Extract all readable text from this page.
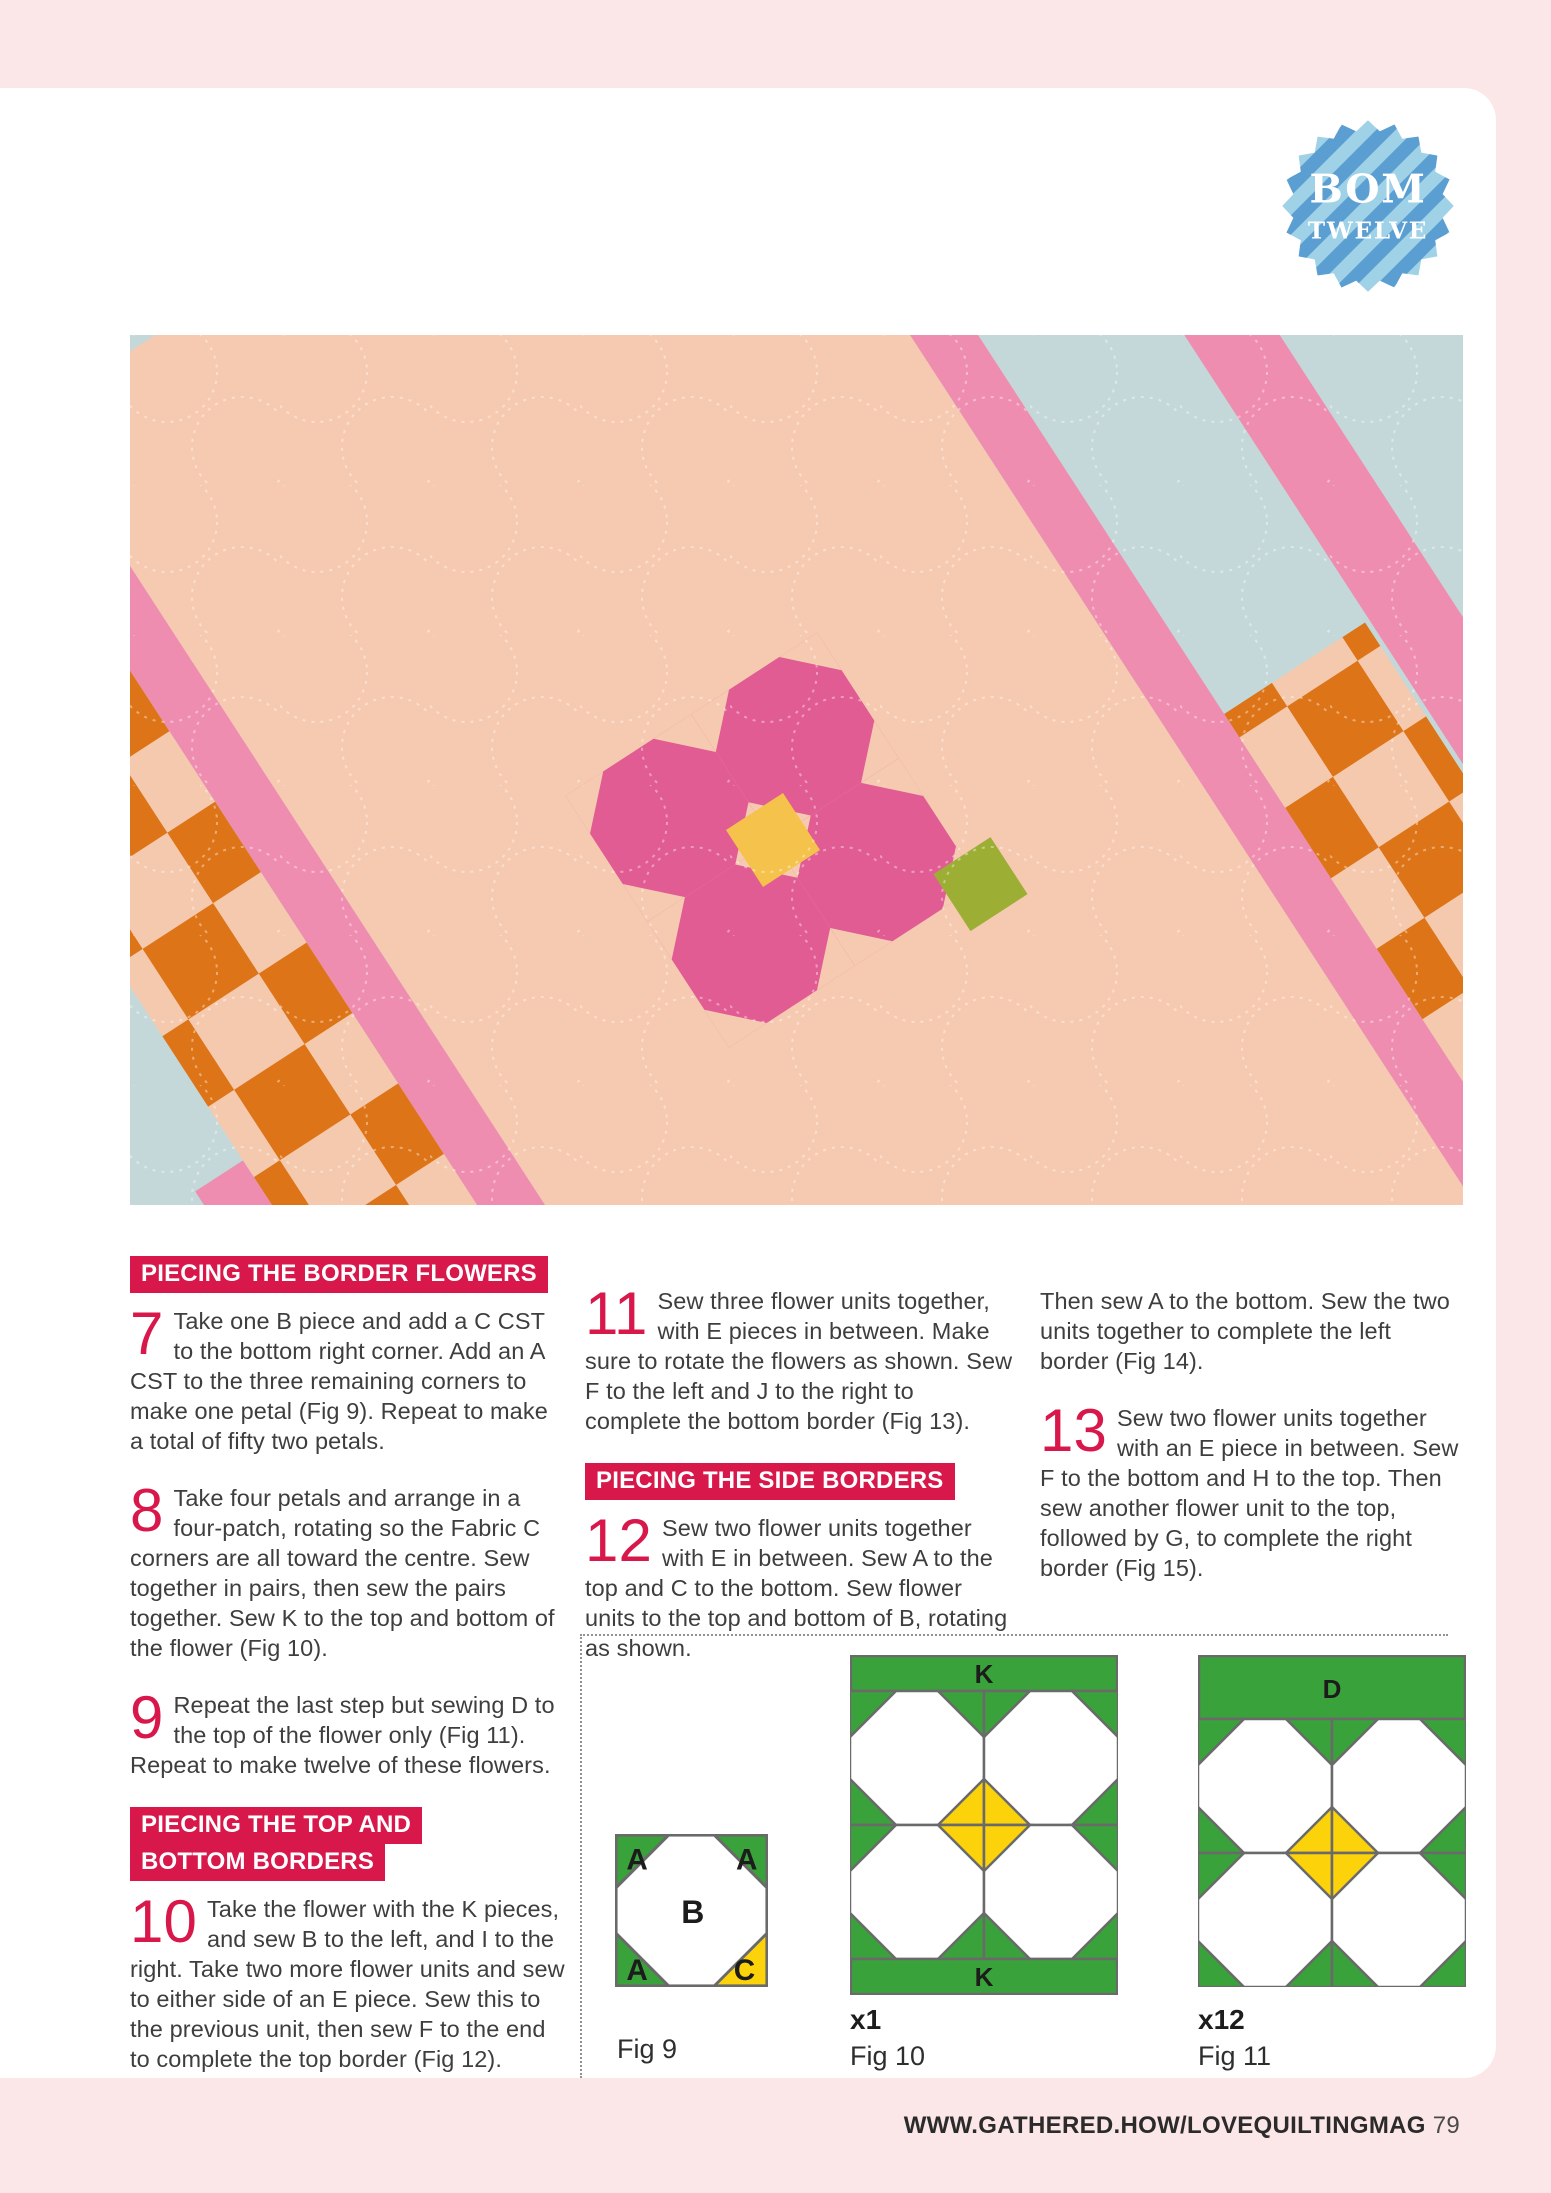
BOM
TWELVE
PIECING THE BORDER FLOWERS

7 Take one B piece and add a C CST to the bottom right corner. Add an A CST to the three remaining corners to make one petal (Fig 9). Repeat to make a total of fifty two petals.

8 Take four petals and arrange in a four-patch, rotating so the Fabric C corners are all toward the centre. Sew together in pairs, then sew the pairs together. Sew K to the top and bottom of the flower (Fig 10).

9 Repeat the last step but sewing D to the top of the flower only (Fig 11). Repeat to make twelve of these flowers.

PIECING THE TOP AND
BOTTOM BORDERS

10 Take the flower with the K pieces, and sew B to the left, and I to the right. Take two more flower units and sew to either side of an E piece. Sew this to the previous unit, then sew F to the end to complete the top border (Fig 12).

11 Sew three flower units together, with E pieces in between. Make sure to rotate the flowers as shown. Sew F to the left and J to the right to complete the bottom border (Fig 13).

PIECING THE SIDE BORDERS

12 Sew two flower units together with E in between. Sew A to the top and C to the bottom. Sew flower units to the top and bottom of B, rotating as shown.

Then sew A to the bottom. Sew the two units together to complete the left border (Fig 14).

13 Sew two flower units together with an E piece in between. Sew F to the bottom and H to the top. Then sew another flower unit to the top, followed by G, to complete the right border (Fig 15).

A	A
A	C
B
Fig 9
K
K
x1
Fig 10
D
x12
Fig 11
WWW.GATHERED.HOW/LOVEQUILTINGMAG 79
